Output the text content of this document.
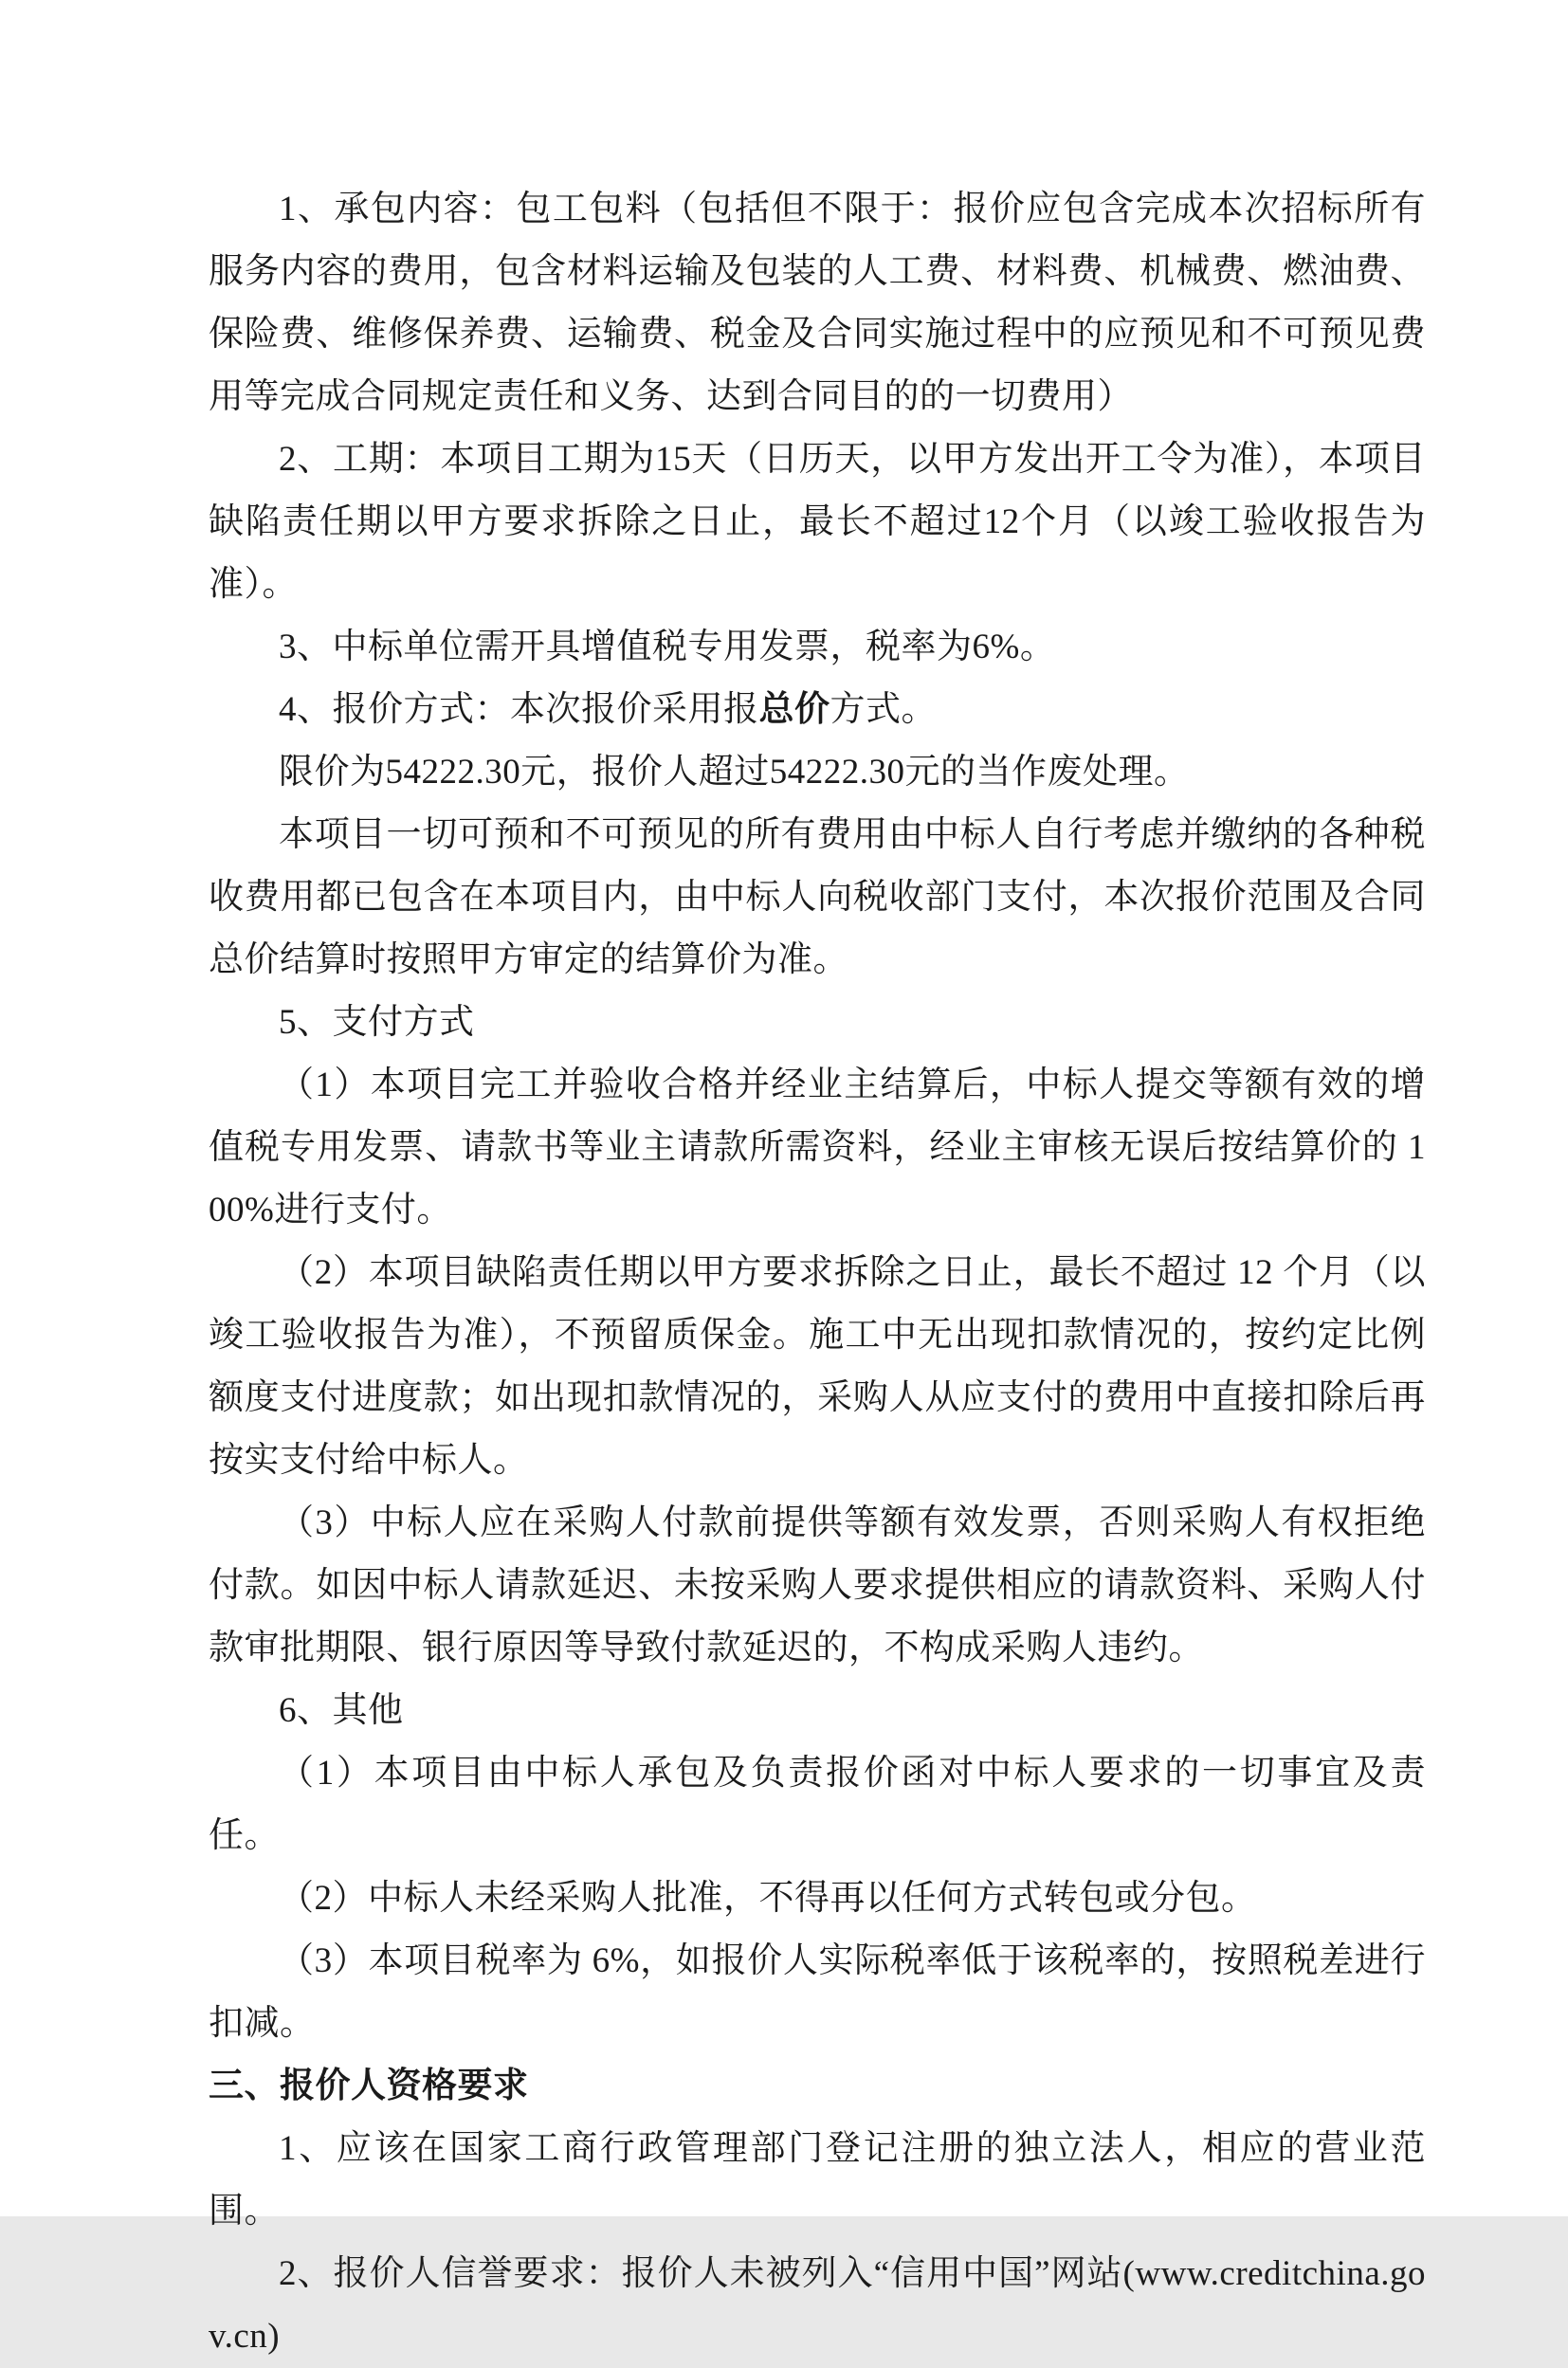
1、承包内容：包工包料（包括但不限于：报价应包含完成本次招标所有服务内容的费用，包含材料运输及包装的人工费、材料费、机械费、燃油费、保险费、维修保养费、运输费、税金及合同实施过程中的应预见和不可预见费用等完成合同规定责任和义务、达到合同目的的一切费用）

2、工期：本项目工期为15天（日历天，以甲方发出开工令为准），本项目缺陷责任期以甲方要求拆除之日止，最长不超过12个月（以竣工验收报告为准）。

3、中标单位需开具增值税专用发票，税率为6%。

4、报价方式：本次报价采用报总价方式。

限价为54222.30元，报价人超过54222.30元的当作废处理。

本项目一切可预和不可预见的所有费用由中标人自行考虑并缴纳的各种税收费用都已包含在本项目内，由中标人向税收部门支付，本次报价范围及合同总价结算时按照甲方审定的结算价为准。

5、支付方式

（1）本项目完工并验收合格并经业主结算后，中标人提交等额有效的增值税专用发票、请款书等业主请款所需资料，经业主审核无误后按结算价的 100%进行支付。

（2）本项目缺陷责任期以甲方要求拆除之日止，最长不超过 12 个月（以竣工验收报告为准），不预留质保金。施工中无出现扣款情况的，按约定比例额度支付进度款；如出现扣款情况的，采购人从应支付的费用中直接扣除后再按实支付给中标人。

（3）中标人应在采购人付款前提供等额有效发票，否则采购人有权拒绝付款。如因中标人请款延迟、未按采购人要求提供相应的请款资料、采购人付款审批期限、银行原因等导致付款延迟的，不构成采购人违约。

6、其他

（1）本项目由中标人承包及负责报价函对中标人要求的一切事宜及责任。

（2）中标人未经采购人批准，不得再以任何方式转包或分包。

（3）本项目税率为 6%，如报价人实际税率低于该税率的，按照税差进行扣减。

三、报价人资格要求

1、应该在国家工商行政管理部门登记注册的独立法人，相应的营业范围。

2、报价人信誉要求：报价人未被列入“信用中国”网站(www.creditchina.gov.cn)
